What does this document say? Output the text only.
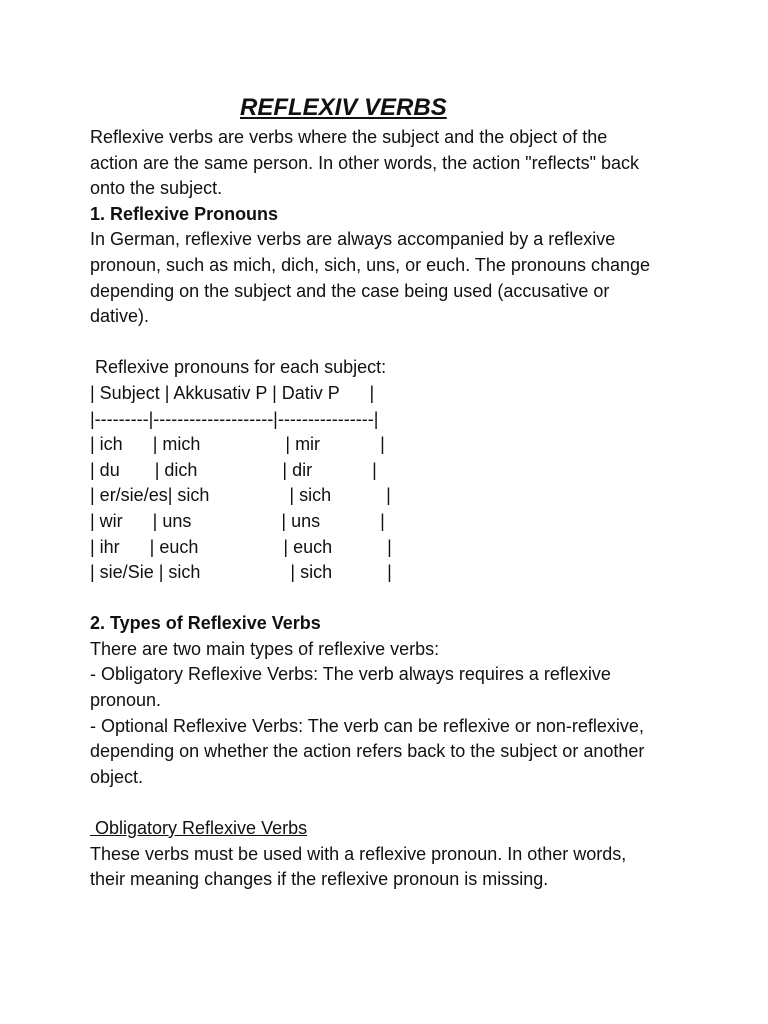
REFLEXIV VERBS
Reflexive verbs are verbs where the subject and the object of the
action are the same person. In other words, the action "reflects" back
onto the subject.
1. Reflexive Pronouns
In German, reflexive verbs are always accompanied by a reflexive
pronoun, such as mich, dich, sich, uns, or euch. The pronouns change
depending on the subject and the case being used (accusative or
dative).
Reflexive pronouns for each subject:
| Subject | Akkusativ P | Dativ P      |
|---------|--------------------|----------------|
| ich      | mich                 | mir            |
| du       | dich                 | dir            |
| er/sie/es| sich                | sich           |
| wir      | uns                  | uns            |
| ihr      | euch                 | euch           |
| sie/Sie | sich                  | sich           |
2. Types of Reflexive Verbs
There are two main types of reflexive verbs:
- Obligatory Reflexive Verbs: The verb always requires a reflexive
pronoun.
- Optional Reflexive Verbs: The verb can be reflexive or non-reflexive,
depending on whether the action refers back to the subject or another
object.
Obligatory Reflexive Verbs
These verbs must be used with a reflexive pronoun. In other words,
their meaning changes if the reflexive pronoun is missing.
